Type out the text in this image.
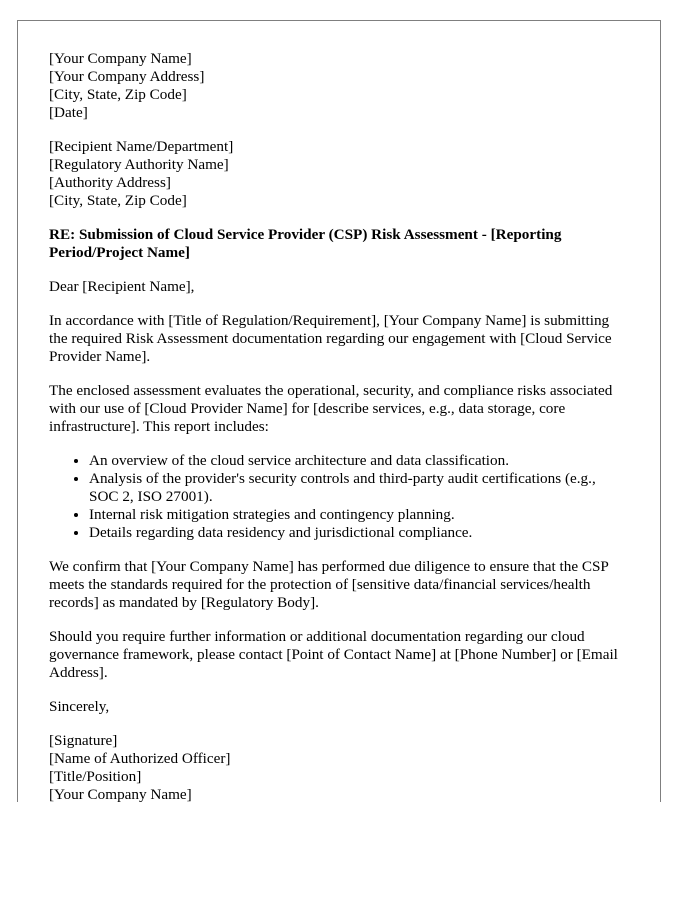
[Your Company Name]
[Your Company Address]
[City, State, Zip Code]
[Date]
[Recipient Name/Department]
[Regulatory Authority Name]
[Authority Address]
[City, State, Zip Code]
RE: Submission of Cloud Service Provider (CSP) Risk Assessment - [Reporting Period/Project Name]

Dear [Recipient Name],

In accordance with [Title of Regulation/Requirement], [Your Company Name] is submitting the required Risk Assessment documentation regarding our engagement with [Cloud Service Provider Name].

The enclosed assessment evaluates the operational, security, and compliance risks associated with our use of [Cloud Provider Name] for [describe services, e.g., data storage, core infrastructure]. This report includes:

• An overview of the cloud service architecture and data classification.
• Analysis of the provider's security controls and third-party audit certifications (e.g., SOC 2, ISO 27001).
• Internal risk mitigation strategies and contingency planning.
• Details regarding data residency and jurisdictional compliance.

We confirm that [Your Company Name] has performed due diligence to ensure that the CSP meets the standards required for the protection of [sensitive data/financial services/health records] as mandated by [Regulatory Body].

Should you require further information or additional documentation regarding our cloud governance framework, please contact [Point of Contact Name] at [Phone Number] or [Email Address].

Sincerely,

[Signature]
[Name of Authorized Officer]
[Title/Position]
[Your Company Name]
